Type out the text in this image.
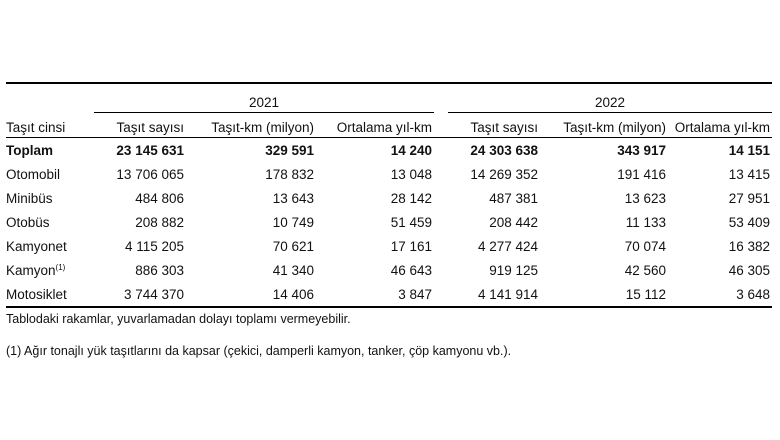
	2021				2022		
Taşıt cinsi	Taşıt sayısı	Taşıt-km (milyon)	Ortalama yıl-km		Taşıt sayısı	Taşıt-km (milyon)	Ortalama yıl-km
Toplam	23 145 631	329 591	14 240		24 303 638	343 917	14 151
Otomobil	13 706 065	178 832	13 048		14 269 352	191 416	13 415
Minibüs	484 806	13 643	28 142		487 381	13 623	27 951
Otobüs	208 882	10 749	51 459		208 442	11 133	53 409
Kamyonet	4 115 205	70 621	17 161		4 277 424	70 074	16 382
Kamyon$^{(1)}$	886 303	41 340	46 643		919 125	42 560	46 305
Motosiklet	3 744 370	14 406	3 847		4 141 914	15 112	3 648

Tablodaki rakamlar, yuvarlamadan dolayı toplamı vermeyebilir.

(1) Ağır tonajlı yük taşıtlarını da kapsar (çekici, damperli kamyon, tanker, çöp kamyonu vb.).
